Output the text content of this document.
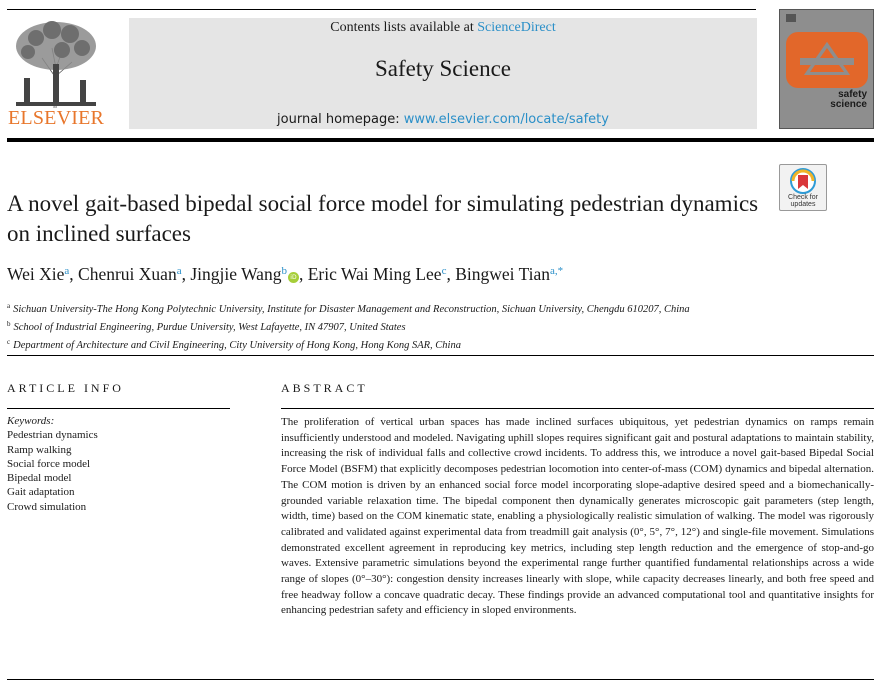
ELSEVIER
Contents lists available at ScienceDirect
Safety Science
journal homepage: www.elsevier.com/locate/safety
safety
science
Check for
updates
A novel gait-based bipedal social force model for simulating pedestrian dynamics on inclined surfaces
Wei Xie$^a$, Chenrui Xuan$^a$, Jingjie Wang$^b$iD , Eric Wai Ming Lee$^c$, Bingwei Tian$^{a,*}$
$^a$ Sichuan University-The Hong Kong Polytechnic University, Institute for Disaster Management and Reconstruction, Sichuan University, Chengdu 610207, China
$^b$ School of Industrial Engineering, Purdue University, West Lafayette, IN 47907, United States
$^c$ Department of Architecture and Civil Engineering, City University of Hong Kong, Hong Kong SAR, China
ARTICLE INFO	ABSTRACT
Keywords:
Pedestrian dynamics
Ramp walking
Social force model
Bipedal model
Gait adaptation
Crowd simulation

The proliferation of vertical urban spaces has made inclined surfaces ubiquitous, yet pedestrian dynamics on ramps remain insufficiently understood and modeled. Navigating uphill slopes requires significant gait and postural adaptations to maintain stability, increasing the risk of individual falls and collective crowd incidents. To address this, we introduce a novel gait-based Bipedal Social Force Model (BSFM) that explicitly decomposes pedestrian locomotion into center-of-mass (COM) dynamics and bipedal alternation. The COM motion is driven by an enhanced social force model incorporating slope-adaptive desired speed and a biomechanically-grounded variable relaxation time. The bipedal component then dynamically generates microscopic gait parameters (step length, width, time) based on the COM kinematic state, enabling a physiologically realistic simulation of walking. The model was rigorously calibrated and validated against experimental data from treadmill gait analysis (0°, 5°, 7°, 12°) and single-file movement. Simulations demonstrated excellent agreement in reproducing key metrics, including step length reduction and the emergence of stop-and-go waves. Extensive parametric simulations beyond the experimental range further quantified fundamental relationships across a wide range of slopes (0°–30°): congestion density increases linearly with slope, while capacity decreases linearly, and both free speed and free headway follow a concave quadratic decay. These findings provide an advanced computational tool and quantitative insights for enhancing pedestrian safety and efficiency in sloped environments.
